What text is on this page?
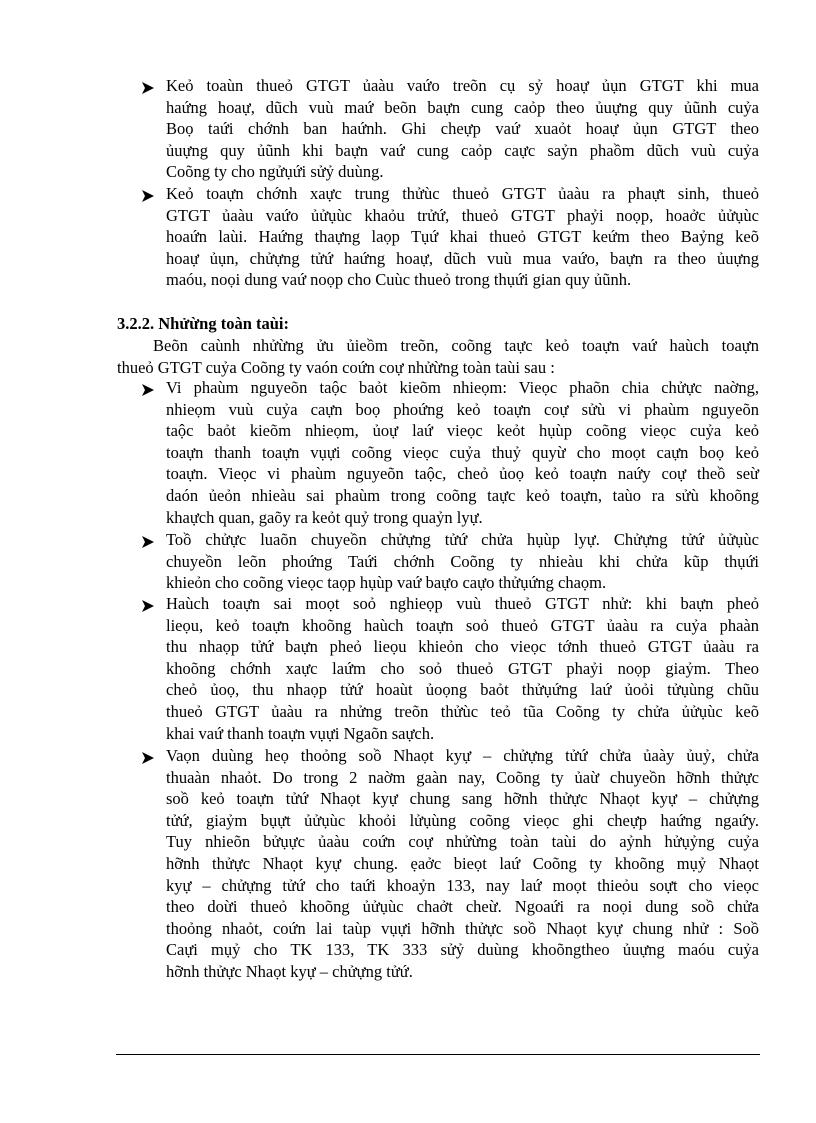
Keỏ toaùn thueỏ GTGT ủaàu vaứo treõn cụ sỷ hoaự ủụn GTGT khi mua
haứng hoaự, dũch vuù maứ beõn baựn cung caỏp theo ủuựng quy ủũnh cuỷa
Boọ taứi chớnh ban haứnh. Ghi cheựp vaứ xuaỏt hoaự ủụn GTGT theo
ủuựng quy ủũnh khi baựn vaứ cung caỏp caực saỷn phaồm dũch vuù cuỷa
Coõng ty cho ngửụứi sửỷ duùng.
Keỏ toaựn chớnh xaực trung thửùc thueỏ GTGT ủaàu ra phaựt sinh, thueỏ
GTGT ủaàu vaứo ủửụùc khaỏu trửứ, thueỏ GTGT phaỷi noọp, hoaởc ủửụùc
hoaứn laùi. Haứng thaựng laọp Tụứ khai thueỏ GTGT keứm theo Baỷng keõ
hoaự ủụn, chửựng tửứ haứng hoaự, dũch vuù mua vaứo, baựn ra theo ủuựng
maóu, noọi dung vaứ noọp cho Cuùc thueỏ trong thụứi gian quy ủũnh.
3.2.2. Nhửừng toàn taùi:
Beõn caùnh nhửừng ửu ủieồm treõn, coõng taực keỏ toaựn vaứ haùch toaựn
thueỏ GTGT cuỷa Coõng ty vaón coứn coự nhửừng toàn taùi sau :
Vi phaùm nguyeõn taộc baỏt kieõm nhieọm: Vieọc phaõn chia chửực naờng,
nhieọm vuù cuỷa caựn boọ phoứng keỏ toaựn coự sửù vi phaùm nguyeõn
taộc baỏt kieõm nhieọm, ủoự laứ vieọc keỏt hụùp coõng vieọc cuỷa keỏ
toaựn thanh toaựn vụựi coõng vieọc cuỷa thuỷ quyừ cho moọt caựn boọ keỏ
toaựn. Vieọc vi phaùm nguyeõn taộc, cheỏ ủoọ keỏ toaựn naứy coự theồ seừ
daón ủeỏn nhieàu sai phaùm trong coõng taực keỏ toaựn, taùo ra sửù khoõng
khaựch quan, gaõy ra keỏt quỷ trong quaỷn lyự.
Toồ chửực luaõn chuyeồn chửựng tửứ chửa hụùp lyự. Chửựng tửứ ủửụùc
chuyeồn leõn phoứng Taứi chớnh Coõng ty nhieàu khi chửa kũp thụứi
khieỏn cho coõng vieọc taọp hụùp vaứ baựo caựo thửụứng chaọm.
Haùch toaựn sai moọt soỏ nghieọp vuù thueỏ GTGT nhử: khi baựn pheỏ
lieọu, keỏ toaựn khoõng haùch toaựn soỏ thueỏ GTGT ủaàu ra cuỷa phaàn
thu nhaọp tửứ baựn pheỏ lieọu khieỏn cho vieọc tớnh thueỏ GTGT ủaàu ra
khoõng chớnh xaực laứm cho soỏ thueỏ GTGT phaỷi noọp giaỷm. Theo
cheỏ ủoọ, thu nhaọp tửứ hoaùt ủoọng baỏt thửụứng laứ ủoỏi tửụùng chũu
thueỏ GTGT ủaàu ra nhửng treõn thửùc teỏ tũa Coõng ty chửa ủửụùc keõ
khai vaứ thanh toaựn vụựi Ngaõn saựch.
Vaọn duùng heọ thoỏng soồ Nhaọt kyự – chửựng tửứ chửa ủaày ủuỷ, chửa
thuaàn nhaỏt. Do trong 2 naờm gaàn nay, Coõng ty ủaừ chuyeồn hỡnh thửực
soồ keỏ toaựn tửứ Nhaọt kyự chung sang hỡnh thửực Nhaọt kyự – chửựng
tửứ, giaỷm bụựt ủửụùc khoỏi lửụùng coõng vieọc ghi cheựp haứng ngaứy.
Tuy nhieõn bửụực ủaàu coứn coự nhửừng toàn taùi do aỷnh hửụỷng cuỷa
hỡnh thửực Nhaọt kyự chung. ẹaởc bieọt laứ Coõng ty khoõng mụỷ Nhaọt
kyự – chửựng tửứ cho taứi khoaỷn 133, nay laứ moọt thieỏu soựt cho vieọc
theo doừi thueỏ khoõng ủửụùc chaởt cheừ. Ngoaứi ra noọi dung soồ chửa
thoỏng nhaỏt, coứn lai taùp vụựi hỡnh thửực soồ Nhaọt kyự chung nhử : Soồ
Caựi mụỷ cho TK 133, TK 333 sửỷ duùng khoõngtheo ủuựng maóu cuỷa
hỡnh thửực Nhaọt kyự – chửựng tửứ.
